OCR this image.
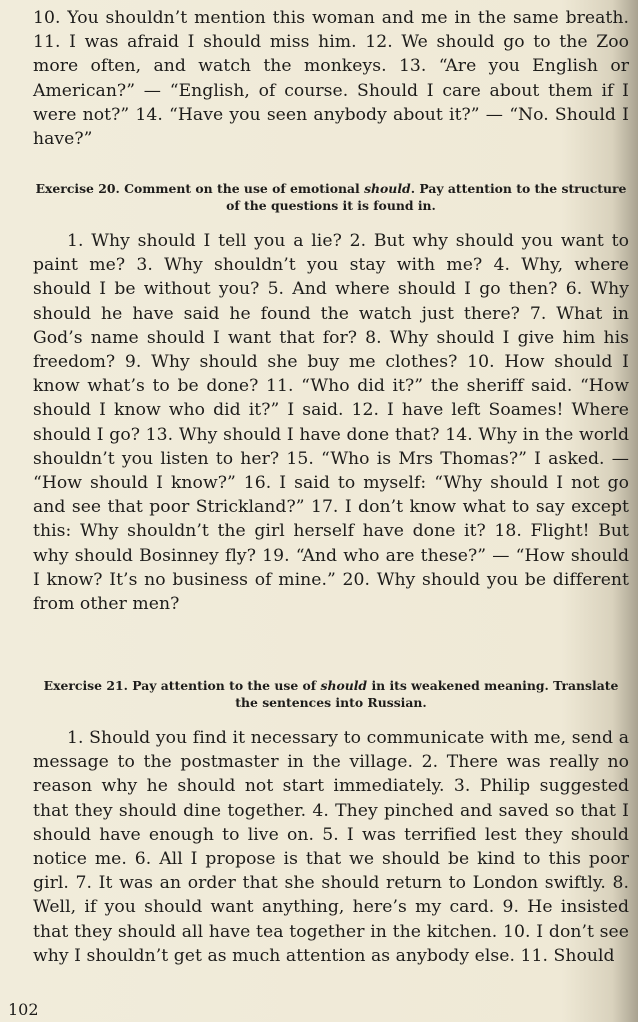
10. You shouldn’t mention this woman and me in the same breath. 11. I was afraid I should miss him. 12. We should go to the Zoo more often, and watch the monkeys. 13. “Are you English or American?” — “English, of course. Should I care about them if I were not?” 14. “Have you seen anybody about it?” — “No. Should I have?”

Exercise 20. Comment on the use of emotional should. Pay attention to the structure of the questions it is found in.

1. Why should I tell you a lie? 2. But why should you want to paint me? 3. Why shouldn’t you stay with me? 4. Why, where should I be without you? 5. And where should I go then? 6. Why should he have said he found the watch just there? 7. What in God’s name should I want that for? 8. Why should I give him his freedom? 9. Why should she buy me clothes? 10. How should I know what’s to be done? 11. “Who did it?” the sheriff said. “How should I know who did it?” I said. 12. I have left Soames! Where should I go? 13. Why should I have done that? 14. Why in the world shouldn’t you listen to her? 15. “Who is Mrs Thomas?” I asked. — “How should I know?” 16. I said to myself: “Why should I not go and see that poor Strickland?” 17. I don’t know what to say except this: Why shouldn’t the girl herself have done it? 18. Flight! But why should Bosinney fly? 19. “And who are these?” — “How should I know? It’s no business of mine.” 20. Why should you be different from other men?

Exercise 21. Pay attention to the use of should in its weakened meaning. Translate the sentences into Russian.

1. Should you find it necessary to communicate with me, send a message to the postmaster in the village. 2. There was really no reason why he should not start immediately. 3. Philip suggested that they should dine together. 4. They pinched and saved so that I should have enough to live on. 5. I was terrified lest they should notice me. 6. All I propose is that we should be kind to this poor girl. 7. It was an order that she should return to London swiftly. 8. Well, if you should want anything, here’s my card. 9. He insisted that they should all have tea together in the kitchen. 10. I don’t see why I shouldn’t get as much attention as anybody else. 11. Should

102
